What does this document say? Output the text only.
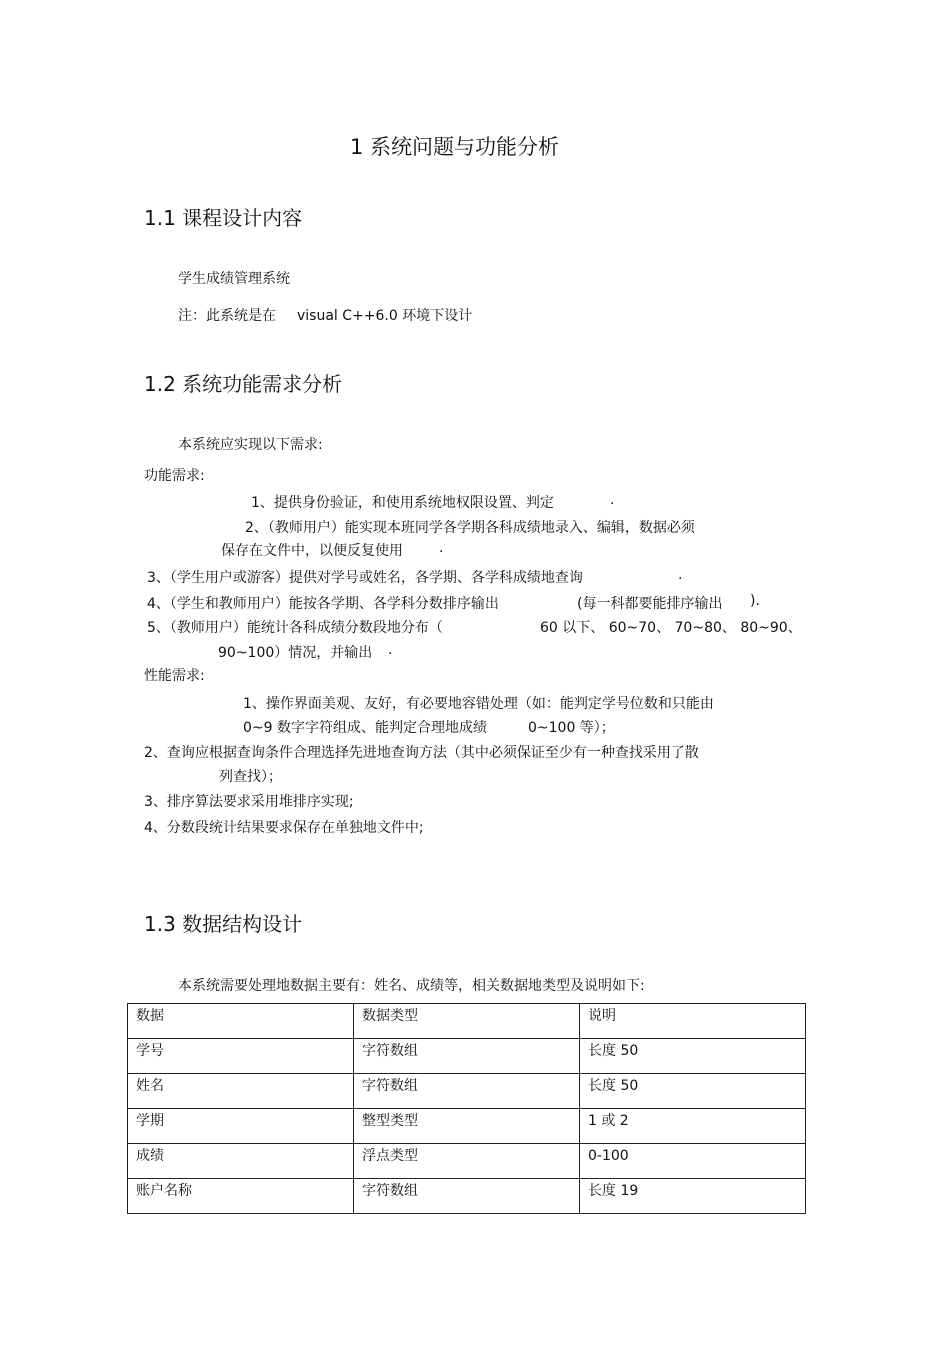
1 系统问题与功能分析
1.1 课程设计内容
学生成绩管理系统
注：此系统是在 visual C++6.0 环境下设计
1.2 系统功能需求分析
本系统应实现以下需求:
功能需求:
1、提供身份验证，和使用系统地权限设置、判定	.
2、（教师用户）能实现本班同学各学期各科成绩地录入、编辑，数据必须
保存在文件中，以便反复使用	.
3、（学生用户或游客）提供对学号或姓名，各学期、各学科成绩地查询	.
4、（学生和教师用户）能按各学期、各学科分数排序输出	(每一科都要能排序输出 ).
5、（教师用户）能统计各科成绩分数段地分布（	60 以下、 60~70、 70~80、 80~90、
90~100）情况，并输出 .
性能需求:
1、操作界面美观、友好，有必要地容错处理（如：能判定学号位数和只能由
0~9 数字字符组成、能判定合理地成绩	0~100 等）；
2、查询应根据查询条件合理选择先进地查询方法（其中必须保证至少有一种查找采用了散
列查找）；
3、排序算法要求采用堆排序实现;
4、分数段统计结果要求保存在单独地文件中;
1.3 数据结构设计
本系统需要处理地数据主要有：姓名、成绩等，相关数据地类型及说明如下:
数据	数据类型	说明
学号	字符数组	长度 50
姓名	字符数组	长度 50
学期	整型类型	1 或 2
成绩	浮点类型	0-100
账户名称	字符数组	长度 19
